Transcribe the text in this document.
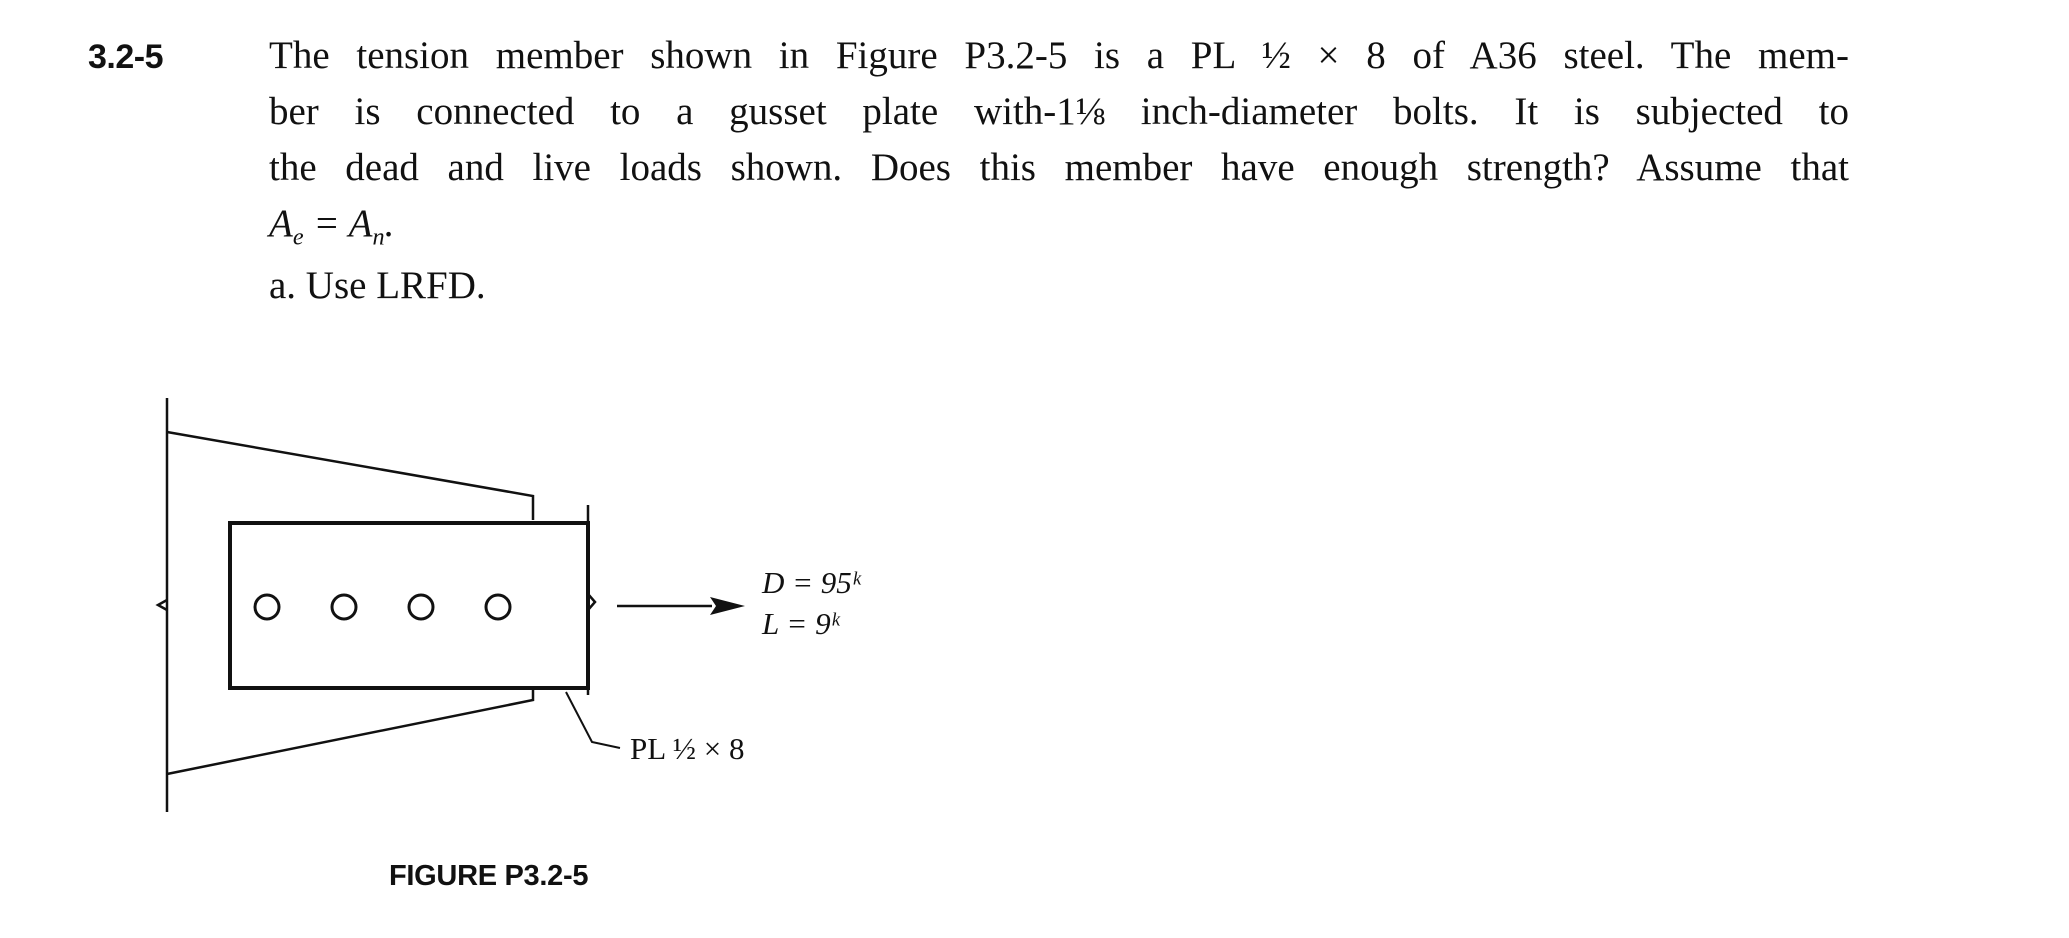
3.2-5	The tension member shown in Figure P3.2-5 is a PL ½ × 8 of A36 steel. The mem-
ber is connected to a gusset plate with-1⅛ inch-diameter bolts. It is subjected to
the dead and live loads shown. Does this member have enough strength? Assume that
$A_e = A_n$.
a. Use LRFD.
D = 95ᵏ
L = 9ᵏ
PL ½ × 8
FIGURE P3.2-5
